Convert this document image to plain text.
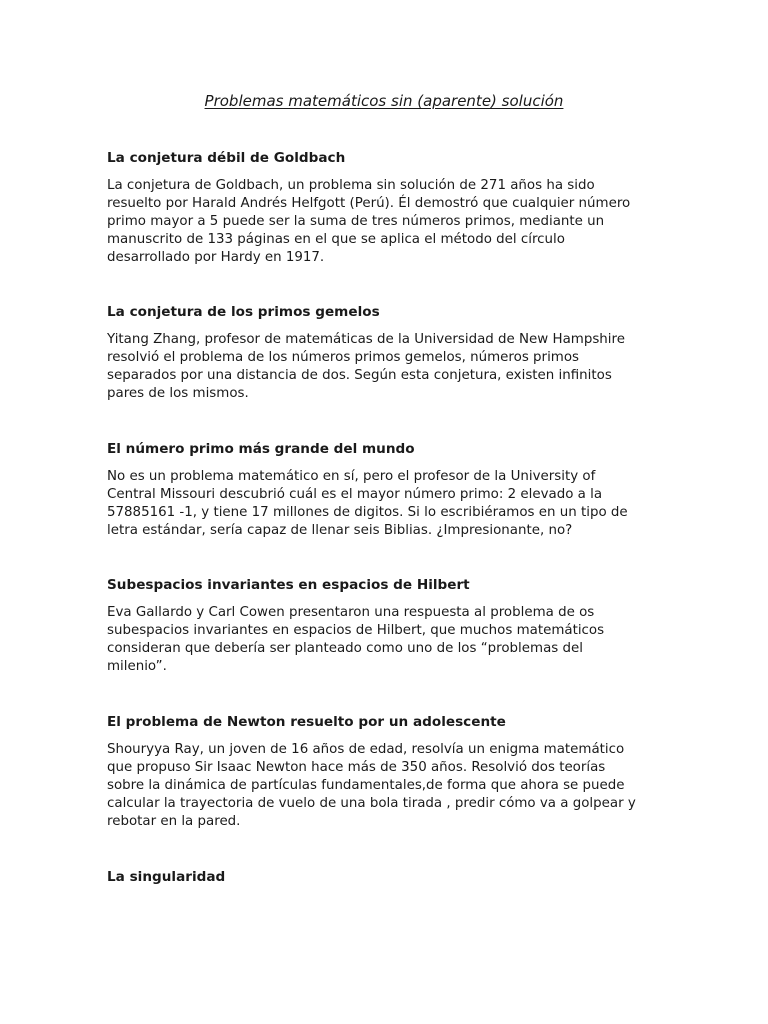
Problemas matemáticos sin (aparente) solución
La conjetura débil de Goldbach

La conjetura de Goldbach, un problema sin solución de 271 años ha sido
resuelto por Harald Andrés Helfgott (Perú). Él demostró que cualquier número
primo mayor a 5 puede ser la suma de tres números primos, mediante un
manuscrito de 133 páginas en el que se aplica el método del círculo
desarrollado por Hardy en 1917.

La conjetura de los primos gemelos

Yitang Zhang, profesor de matemáticas de la Universidad de New Hampshire
resolvió el problema de los números primos gemelos, números primos
separados por una distancia de dos. Según esta conjetura, existen infinitos
pares de los mismos.

El número primo más grande del mundo

No es un problema matemático en sí, pero el profesor de la University of
Central Missouri descubrió cuál es el mayor número primo: 2 elevado a la
57885161 -1, y tiene 17 millones de digitos. Si lo escribiéramos en un tipo de
letra estándar, sería capaz de llenar seis Biblias. ¿Impresionante, no?

Subespacios invariantes en espacios de Hilbert

Eva Gallardo y Carl Cowen presentaron una respuesta al problema de os
subespacios invariantes en espacios de Hilbert, que muchos matemáticos
consideran que debería ser planteado como uno de los “problemas del
milenio”.

El problema de Newton resuelto por un adolescente

Shouryya Ray, un joven de 16 años de edad, resolvía un enigma matemático
que propuso Sir Isaac Newton hace más de 350 años. Resolvió dos teorías
sobre la dinámica de partículas fundamentales,de forma que ahora se puede
calcular la trayectoria de vuelo de una bola tirada , predir cómo va a golpear y
rebotar en la pared.

La singularidad
